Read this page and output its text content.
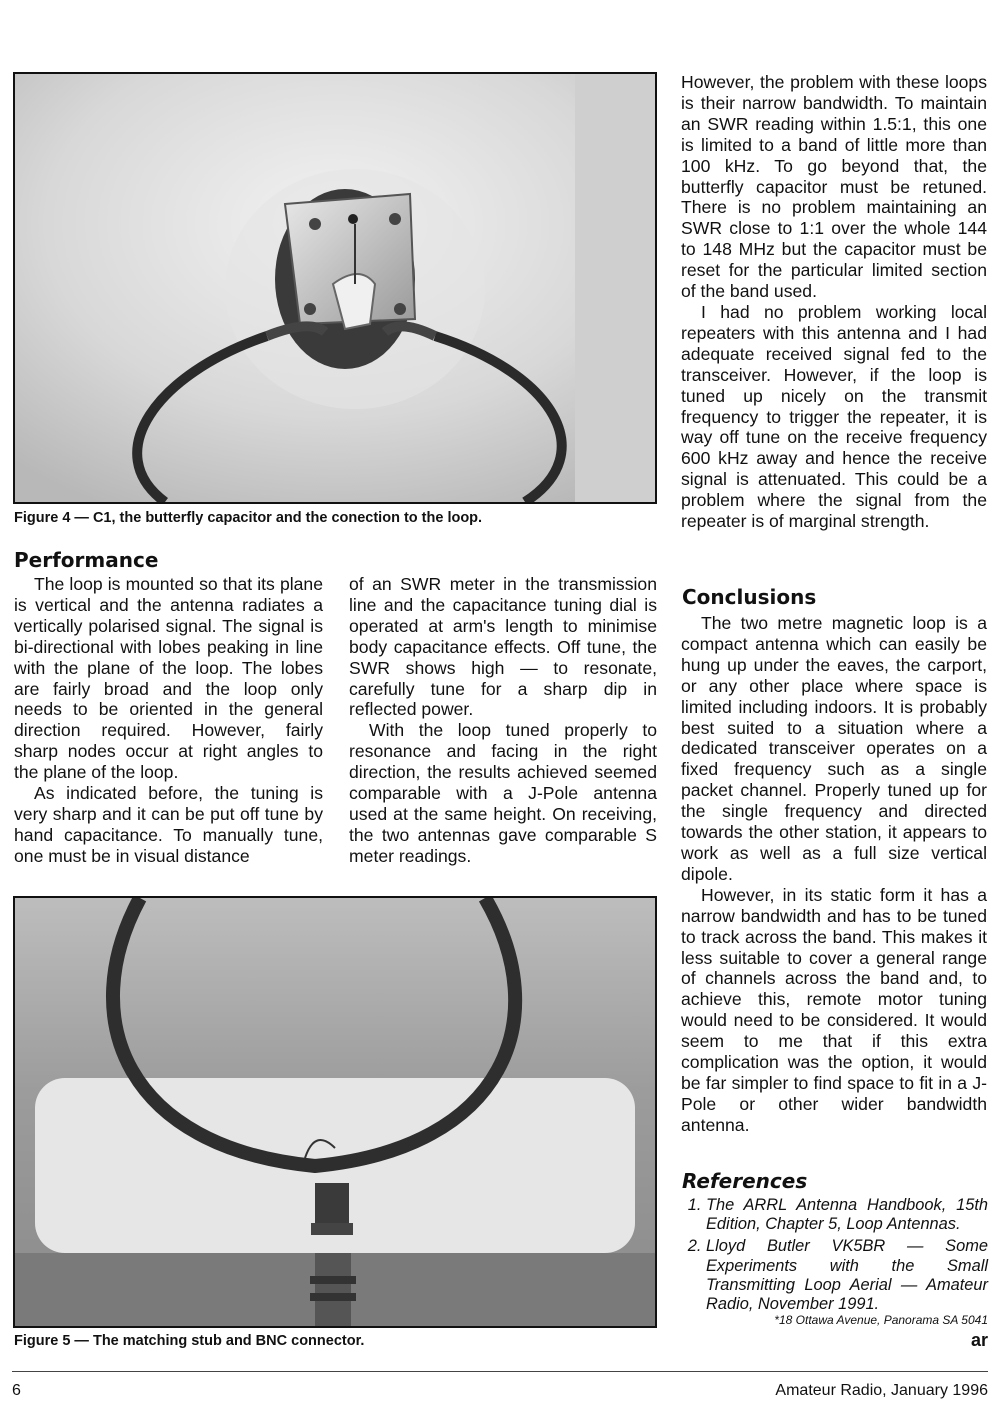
Figure 4 — C1, the butterfly capacitor and the conection to the loop.
Performance

The loop is mounted so that its plane is vertical and the antenna radiates a vertically polarised signal. The signal is bi-directional with lobes peaking in line with the plane of the loop. The lobes are fairly broad and the loop only needs to be oriented in the general direction required. However, fairly sharp nodes occur at right angles to the plane of the loop.

As indicated before, the tuning is very sharp and it can be put off tune by hand capacitance. To manually tune, one must be in visual distance

of an SWR meter in the transmission line and the capacitance tuning dial is operated at arm's length to minimise body capacitance effects. Off tune, the SWR shows high — to resonate, carefully tune for a sharp dip in reflected power.

With the loop tuned properly to resonance and facing in the right direction, the results achieved seemed comparable with a J-Pole antenna used at the same height. On receiving, the two antennas gave comparable S meter readings.

Figure 5 — The matching stub and BNC connector.

However, the problem with these loops is their narrow bandwidth. To maintain an SWR reading within 1.5:1, this one is limited to a band of little more than 100 kHz. To go beyond that, the butterfly capacitor must be retuned. There is no problem maintaining an SWR close to 1:1 over the whole 144 to 148 MHz but the capacitor must be reset for the particular limited section of the band used.

I had no problem working local repeaters with this antenna and I had adequate received signal fed to the transceiver. However, if the loop is tuned up nicely on the transmit frequency to trigger the repeater, it is way off tune on the receive frequency 600 kHz away and hence the receive signal is attenuated. This could be a problem where the signal from the repeater is of marginal strength.

Conclusions

The two metre magnetic loop is a compact antenna which can easily be hung up under the eaves, the carport, or any other place where space is limited including indoors. It is probably best suited to a situation where a dedicated transceiver operates on a fixed frequency such as a single packet channel. Properly tuned up for the single frequency and directed towards the other station, it appears to work as well as a full size vertical dipole.

However, in its static form it has a narrow bandwidth and has to be tuned to track across the band. This makes it less suitable to cover a general range of channels across the band and, to achieve this, remote motor tuning would need to be considered. It would seem to me that if this extra complication was the option, it would be far simpler to find space to fit in a J-Pole or other wider bandwidth antenna.

References
1. The ARRL Antenna Handbook, 15th Edition, Chapter 5, Loop Antennas.
2. Lloyd Butler VK5BR — Some Experiments with the Small Transmitting Loop Aerial — Amateur Radio, November 1991.
*18 Ottawa Avenue, Panorama SA 5041
ar
6	Amateur Radio, January 1996
